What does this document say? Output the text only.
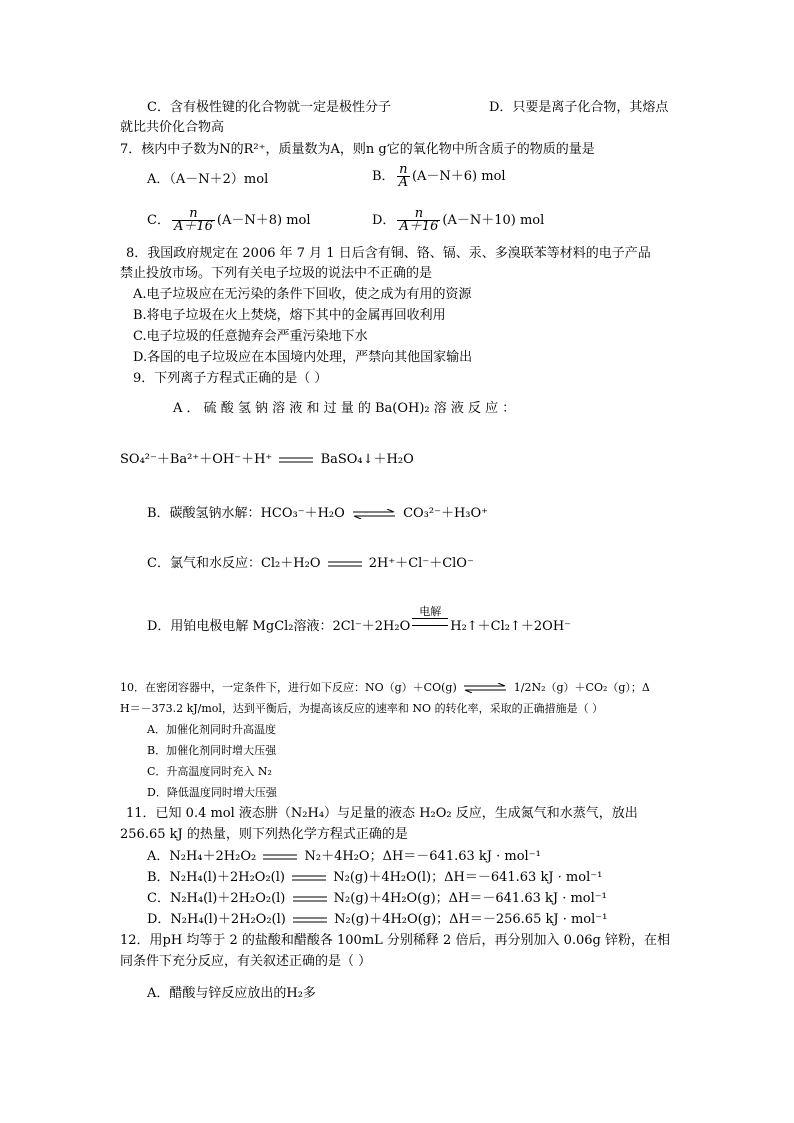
C．含有极性键的化合物就一定是极性分子	D．只要是离子化合物，其熔点
就比共价化合物高
7．核内中子数为N的R²⁺，质量数为A，则n g它的氧化物中所含质子的物质的量是
A．（A－N＋2）mol	B． $\frac{n}{A} (A-N+6)$ mol
C． $\frac{n}{A+16} (A-N+8)$ mol	D． $\frac{n}{A+16} (A-N+10)$ mol
8．我国政府规定在 2006 年 7 月 1 日后含有铜、铬、镉、汞、多溴联苯等材料的电子产品
禁止投放市场。下列有关电子垃圾的说法中不正确的是
A.电子垃圾应在无污染的条件下回收，使之成为有用的资源
B.将电子垃圾在火上焚烧，熔下其中的金属再回收利用
C.电子垃圾的任意抛弃会严重污染地下水
D.各国的电子垃圾应在本国境内处理，严禁向其他国家输出
9．下列离子方程式正确的是（ ）
A ． 硫 酸 氢 钠 溶 液 和 过 量 的 Ba(OH)₂ 溶 液 反 应 ：
SO₄²⁻＋Ba²⁺＋OH⁻＋H⁺	BaSO₄↓＋H₂O
B．碳酸氢钠水解：HCO₃⁻＋H₂O ⇌ CO₃²⁻＋H₃O⁺
C．氯气和水反应：Cl₂＋H₂O	2H⁺＋Cl⁻＋ClO⁻
D．用铂电极电解 MgCl₂溶液：2Cl⁻＋2H₂O
电解
H₂↑＋Cl₂↑＋2OH⁻
10．在密闭容器中，一定条件下，进行如下反应：NO（g）＋CO(g) ⇌ 1/2N₂（g）＋CO₂（g）；Δ
H＝－373.2 kJ/mol，达到平衡后，为提高该反应的速率和 NO 的转化率，采取的正确措施是（ ）
A．加催化剂同时升高温度
B．加催化剂同时增大压强
C．升高温度同时充入 N₂
D．降低温度同时增大压强
11．已知 0.4 mol 液态肼（N₂H₄）与足量的液态 H₂O₂ 反应，生成氮气和水蒸气，放出
256.65 kJ 的热量，则下列热化学方程式正确的是
A．N₂H₄＋2H₂O₂	N₂＋4H₂O；ΔH＝－641.63 kJ · mol⁻¹
B．N₂H₄(l)＋2H₂O₂(l)	N₂(g)＋4H₂O(l)；ΔH＝－641.63 kJ · mol⁻¹
C．N₂H₄(l)＋2H₂O₂(l)	N₂(g)＋4H₂O(g)；ΔH＝－641.63 kJ · mol⁻¹
D．N₂H₄(l)＋2H₂O₂(l)	N₂(g)＋4H₂O(g)；ΔH＝－256.65 kJ · mol⁻¹
12．用pH 均等于 2 的盐酸和醋酸各 100mL 分别稀释 2 倍后，再分别加入 0.06g 锌粉，在相
同条件下充分反应，有关叙述正确的是（ ）
A．醋酸与锌反应放出的H₂多
